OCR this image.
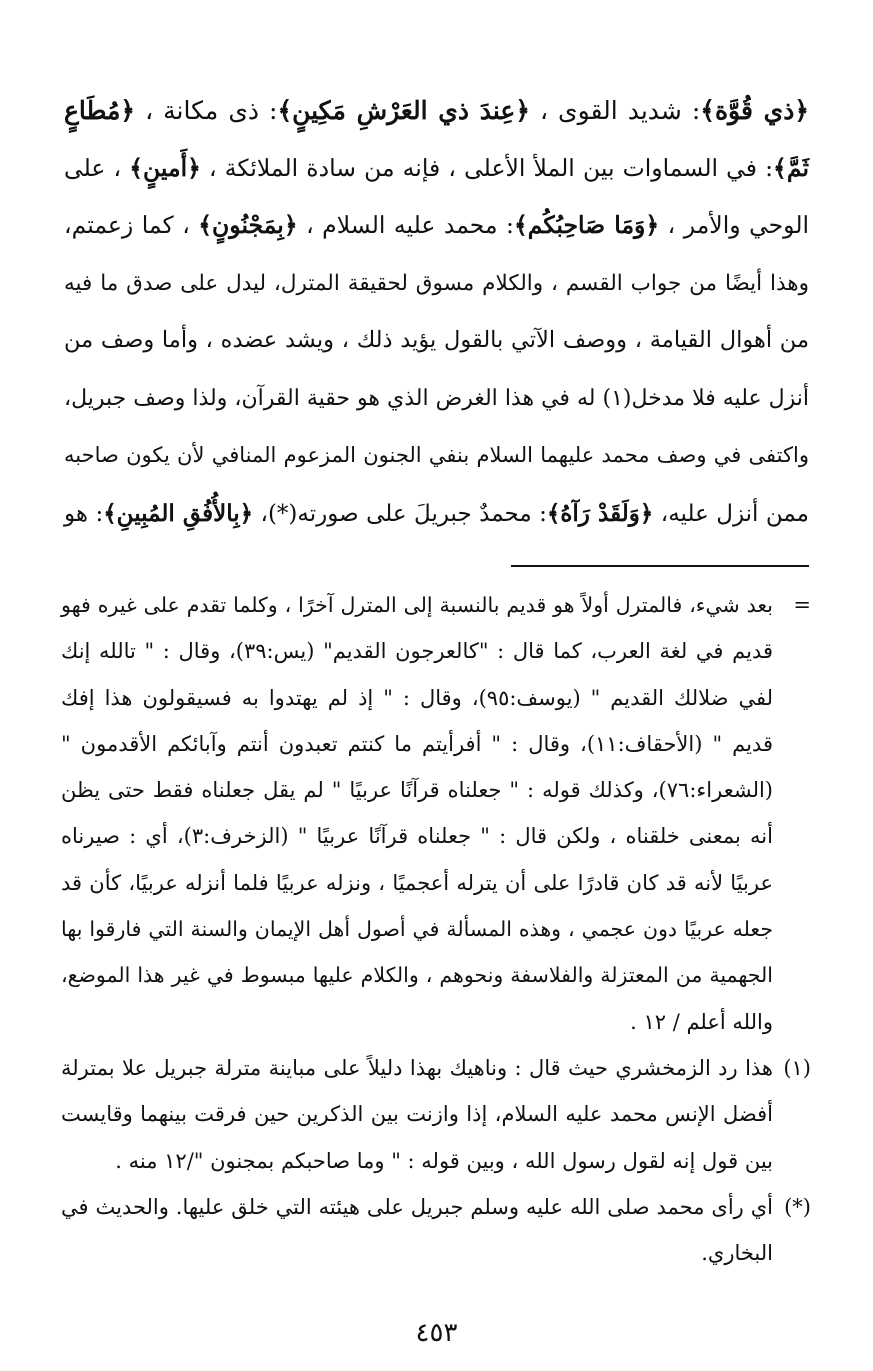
﴿ذي قُوَّة﴾: شديد القوى ، ﴿عِندَ ذي العَرْشِ مَكِينٍ﴾: ذى مكانة ، ﴿مُطَاعٍ
ثَمَّ﴾: في السماوات بين الملأ الأعلى ، فإنه من سادة الملائكة ، ﴿أَمينٍ﴾ ، على
الوحي والأمر ، ﴿وَمَا صَاحِبُكُم﴾: محمد عليه السلام ، ﴿بِمَجْنُونٍ﴾ ، كما زعمتم،
وهذا أيضًا من جواب القسم ، والكلام مسوق لحقيقة المترل، ليدل على صدق ما فيه
من أهوال القيامة ، ووصف الآتي بالقول يؤيد ذلك ، ويشد عضده ، وأما وصف من
أنزل عليه فلا مدخل(١) له في هذا الغرض الذي هو حقية القرآن، ولذا وصف جبريل،
واكتفى في وصف محمد عليهما السلام بنفي الجنون المزعوم المنافي لأن يكون صاحبه
ممن أنزل عليه، ﴿وَلَقَدْ رَآهُ﴾: محمدٌ جبريلَ على صورته(*)، ﴿بِالأُفُقِ المُبِينِ﴾: هو
=
بعد شيء، فالمترل أولاً هو قديم بالنسبة إلى المترل آخرًا ، وكلما تقدم على غيره فهو
قديم في لغة العرب، كما قال : "كالعرجون القديم" (يس:٣٩)، وقال : " تالله إنك
لفي ضلالك القديم " (يوسف:٩٥)، وقال : " إذ لم يهتدوا به فسيقولون هذا إفك
قديم " (الأحقاف:١١)، وقال : " أفرأيتم ما كنتم تعبدون أنتم وآبائكم الأقدمون "
(الشعراء:٧٦)، وكذلك قوله : " جعلناه قرآنًا عربيًا " لم يقل جعلناه فقط حتى يظن
أنه بمعنى خلقناه ، ولكن قال : " جعلناه قرآنًا عربيًا " (الزخرف:٣)، أي : صيرناه
عربيًا لأنه قد كان قادرًا على أن يترله أعجميًا ، ونزله عربيًا فلما أنزله عربيًا، كأن قد
جعله عربيًا دون عجمي ، وهذه المسألة في أصول أهل الإيمان والسنة التي فارقوا بها
الجهمية من المعتزلة والفلاسفة ونحوهم ، والكلام عليها مبسوط في غير هذا الموضع،
والله أعلم / ١٢ .
(١)
هذا رد الزمخشري حيث قال : وناهيك بهذا دليلاً على مباينة مترلة جبريل علا بمترلة
أفضل الإنس محمد عليه السلام، إذا وازنت بين الذكرين حين فرقت بينهما وقايست
بين قول إنه لقول رسول الله ، وبين قوله : " وما صاحبكم بمجنون "/١٢ منه .
(*)
أي رأى محمد صلى الله عليه وسلم جبريل على هيئته التي خلق عليها. والحديث في
البخاري.
٤٥٣
